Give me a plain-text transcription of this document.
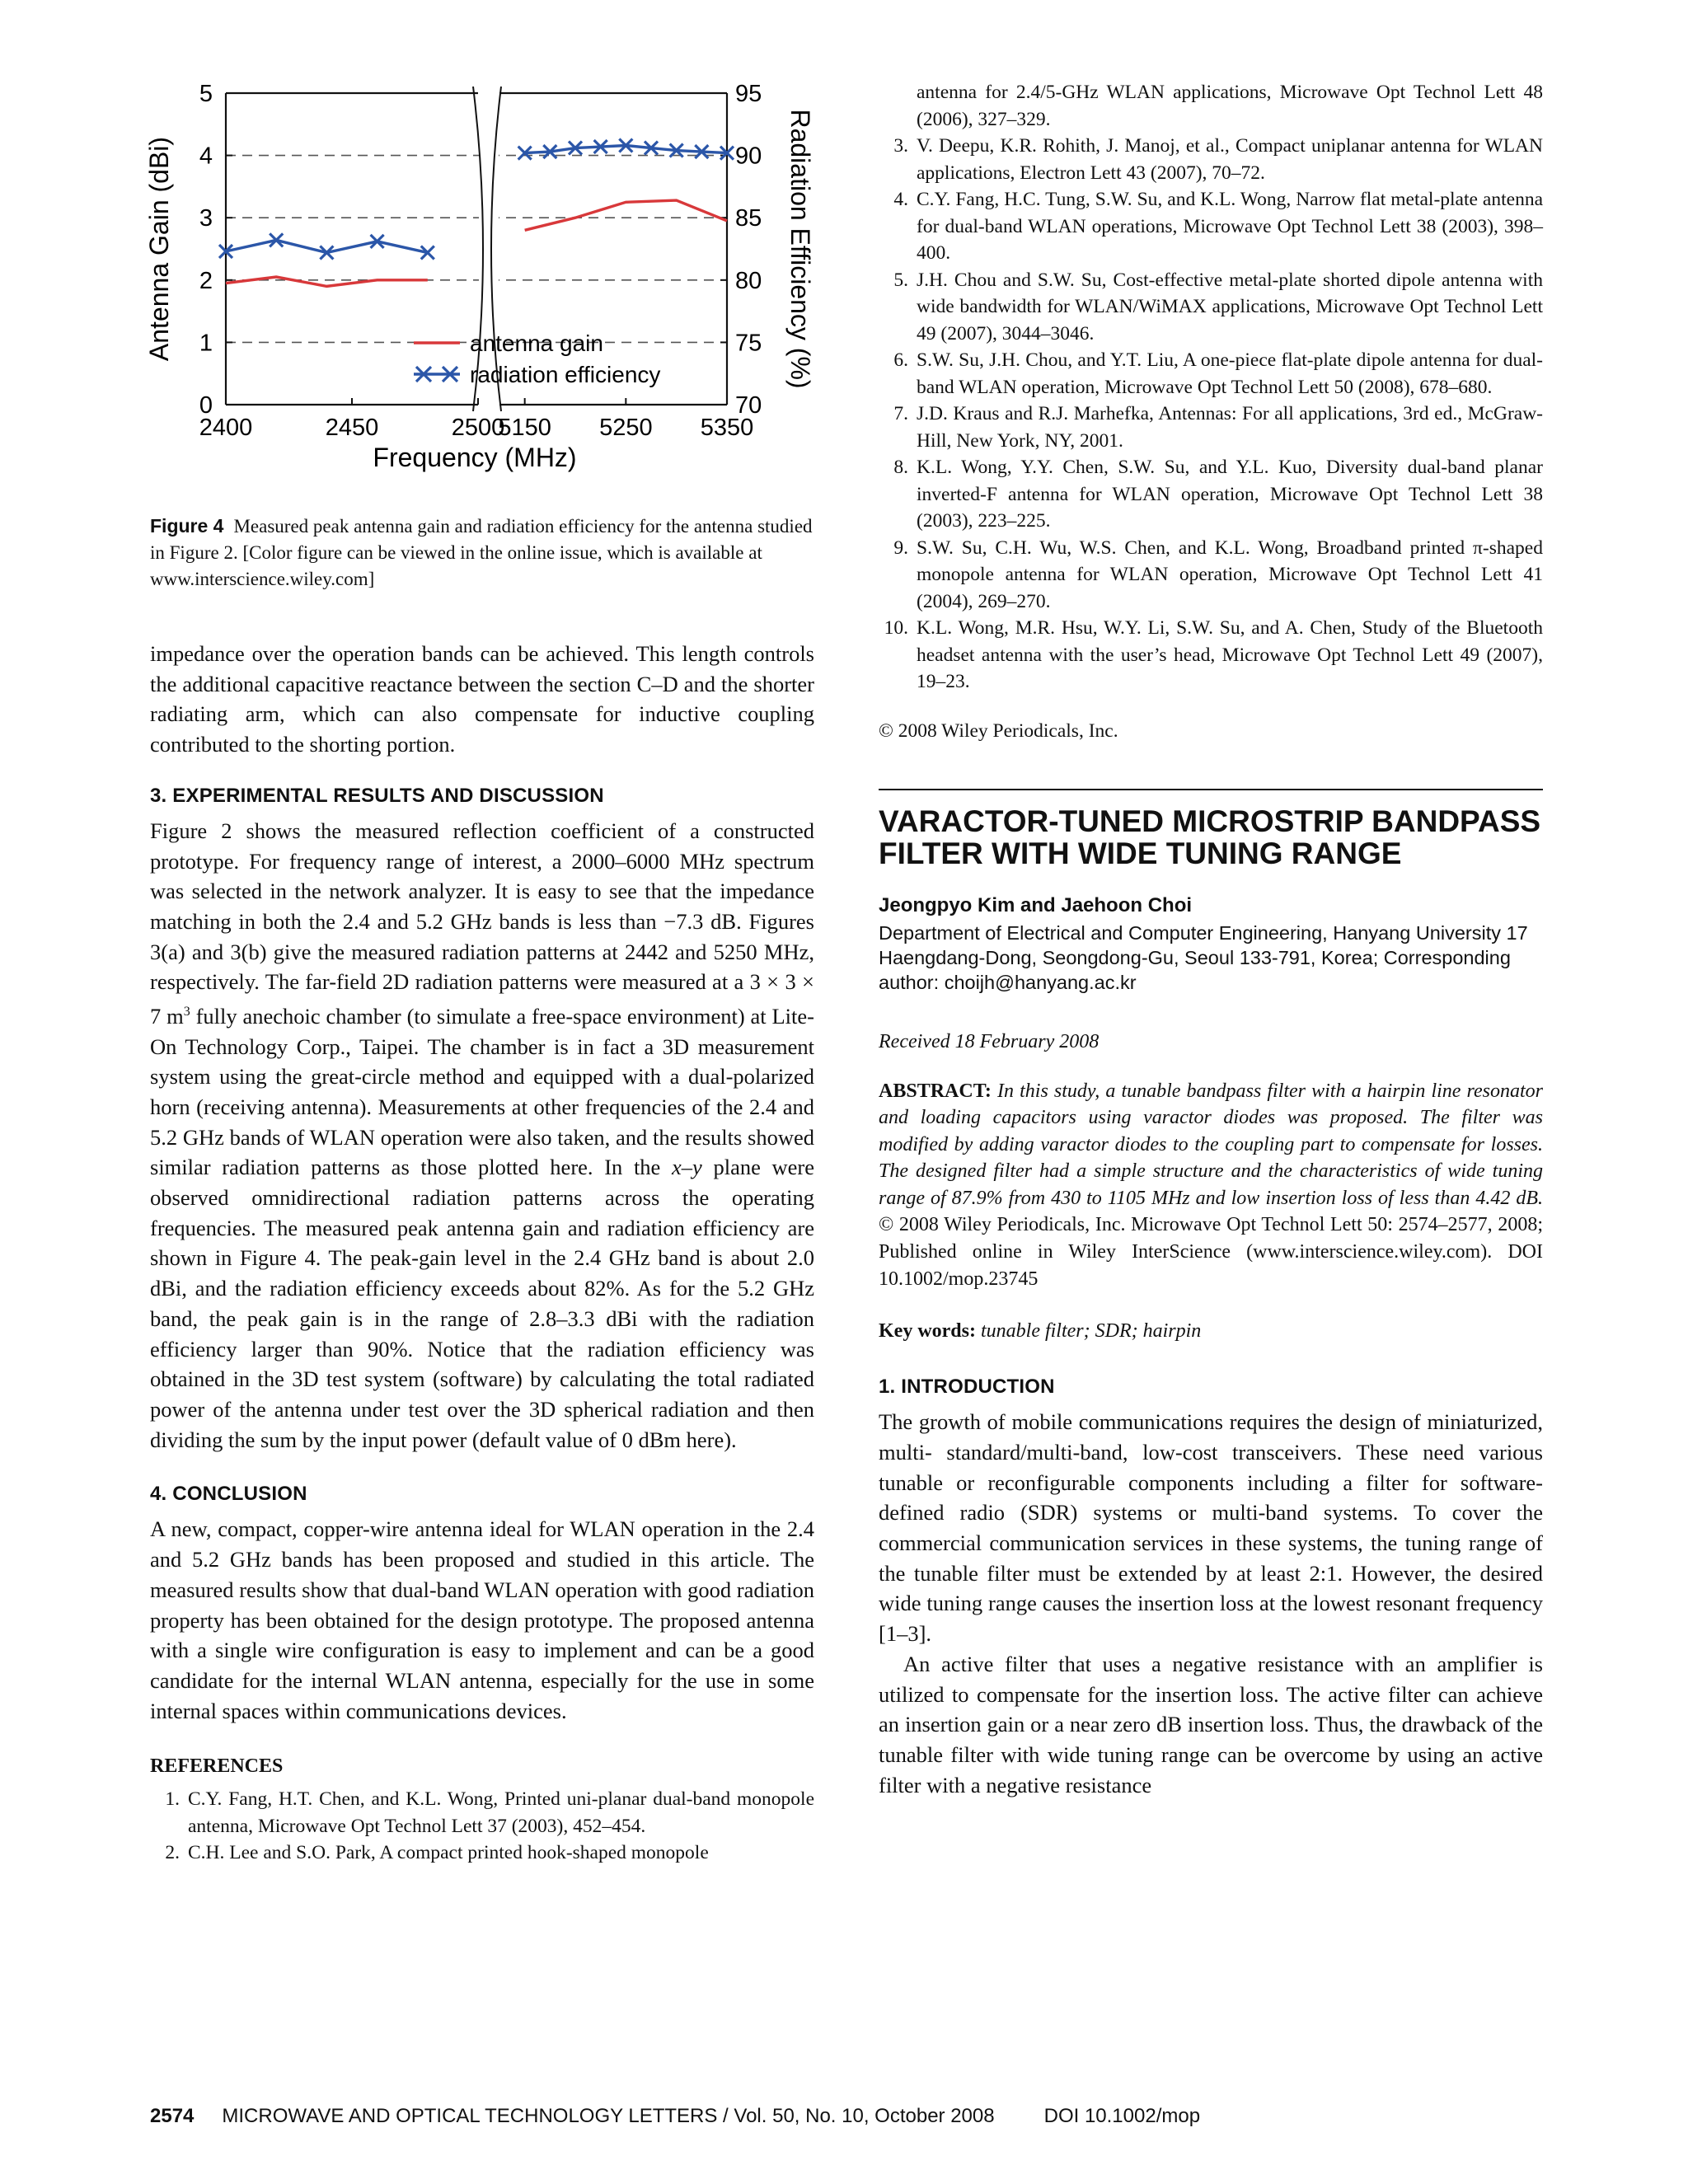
0
1
2
3
4
5
70
75
80
85
90
95
2400	2450	2500
5150 5250 5350
Frequency (MHz)
Antenna Gain (dBi)	Radiation Efficiency (%)
antenna gain
radiation efficiency
Figure 4 Measured peak antenna gain and radiation efficiency for the antenna studied in Figure 2. [Color figure can be viewed in the online issue, which is available at www.interscience.wiley.com]

impedance over the operation bands can be achieved. This length controls the additional capacitive reactance between the section C–D and the shorter radiating arm, which can also compensate for inductive coupling contributed to the shorting portion.

3. EXPERIMENTAL RESULTS AND DISCUSSION

Figure 2 shows the measured reflection coefficient of a constructed prototype. For frequency range of interest, a 2000–6000 MHz spectrum was selected in the network analyzer. It is easy to see that the impedance matching in both the 2.4 and 5.2 GHz bands is less than −7.3 dB. Figures 3(a) and 3(b) give the measured radiation patterns at 2442 and 5250 MHz, respectively. The far-field 2D radiation patterns were measured at a 3 × 3 × 7 $m^3$ fully anechoic chamber (to simulate a free-space environment) at Lite-On Technology Corp., Taipei. The chamber is in fact a 3D measurement system using the great-circle method and equipped with a dual-polarized horn (receiving antenna). Measurements at other frequencies of the 2.4 and 5.2 GHz bands of WLAN operation were also taken, and the results showed similar radiation patterns as those plotted here. In the x–y plane were observed omnidirectional radiation patterns across the operating frequencies. The measured peak antenna gain and radiation efficiency are shown in Figure 4. The peak-gain level in the 2.4 GHz band is about 2.0 dBi, and the radiation efficiency exceeds about 82%. As for the 5.2 GHz band, the peak gain is in the range of 2.8–3.3 dBi with the radiation efficiency larger than 90%. Notice that the radiation efficiency was obtained in the 3D test system (software) by calculating the total radiated power of the antenna under test over the 3D spherical radiation and then dividing the sum by the input power (default value of 0 dBm here).

4. CONCLUSION

A new, compact, copper-wire antenna ideal for WLAN operation in the 2.4 and 5.2 GHz bands has been proposed and studied in this article. The measured results show that dual-band WLAN operation with good radiation property has been obtained for the design prototype. The proposed antenna with a single wire configuration is easy to implement and can be a good candidate for the internal WLAN antenna, especially for the use in some internal spaces within communications devices.

REFERENCES
1. C.Y. Fang, H.T. Chen, and K.L. Wong, Printed uni-planar dual-band monopole antenna, Microwave Opt Technol Lett 37 (2003), 452–454.
2. C.H. Lee and S.O. Park, A compact printed hook-shaped monopole
antenna for 2.4/5-GHz WLAN applications, Microwave Opt Technol Lett 48 (2006), 327–329.
3. V. Deepu, K.R. Rohith, J. Manoj, et al., Compact uniplanar antenna for WLAN applications, Electron Lett 43 (2007), 70–72.
4. C.Y. Fang, H.C. Tung, S.W. Su, and K.L. Wong, Narrow flat metal-plate antenna for dual-band WLAN operations, Microwave Opt Technol Lett 38 (2003), 398–400.
5. J.H. Chou and S.W. Su, Cost-effective metal-plate shorted dipole antenna with wide bandwidth for WLAN/WiMAX applications, Microwave Opt Technol Lett 49 (2007), 3044–3046.
6. S.W. Su, J.H. Chou, and Y.T. Liu, A one-piece flat-plate dipole antenna for dual-band WLAN operation, Microwave Opt Technol Lett 50 (2008), 678–680.
7. J.D. Kraus and R.J. Marhefka, Antennas: For all applications, 3rd ed., McGraw-Hill, New York, NY, 2001.
8. K.L. Wong, Y.Y. Chen, S.W. Su, and Y.L. Kuo, Diversity dual-band planar inverted-F antenna for WLAN operation, Microwave Opt Technol Lett 38 (2003), 223–225.
9. S.W. Su, C.H. Wu, W.S. Chen, and K.L. Wong, Broadband printed π-shaped monopole antenna for WLAN operation, Microwave Opt Technol Lett 41 (2004), 269–270.
10. K.L. Wong, M.R. Hsu, W.Y. Li, S.W. Su, and A. Chen, Study of the Bluetooth headset antenna with the user’s head, Microwave Opt Technol Lett 49 (2007), 19–23.
© 2008 Wiley Periodicals, Inc.
VARACTOR-TUNED MICROSTRIP BANDPASS FILTER WITH WIDE TUNING RANGE
Jeongpyo Kim and Jaehoon Choi

Department of Electrical and Computer Engineering, Hanyang University 17 Haengdang-Dong, Seongdong-Gu, Seoul 133-791, Korea; Corresponding author: choijh@hanyang.ac.kr

Received 18 February 2008

ABSTRACT: In this study, a tunable bandpass filter with a hairpin line resonator and loading capacitors using varactor diodes was proposed. The filter was modified by adding varactor diodes to the coupling part to compensate for losses. The designed filter had a simple structure and the characteristics of wide tuning range of 87.9% from 430 to 1105 MHz and low insertion loss of less than 4.42 dB. © 2008 Wiley Periodicals, Inc. Microwave Opt Technol Lett 50: 2574–2577, 2008; Published online in Wiley InterScience (www.interscience.wiley.com). DOI 10.1002/mop.23745

Key words: tunable filter; SDR; hairpin

1. INTRODUCTION

The growth of mobile communications requires the design of miniaturized, multi- standard/multi-band, low-cost transceivers. These need various tunable or reconfigurable components including a filter for software-defined radio (SDR) systems or multi-band systems. To cover the commercial communication services in these systems, the tuning range of the tunable filter must be extended by at least 2:1. However, the desired wide tuning range causes the insertion loss at the lowest resonant frequency [1–3].

An active filter that uses a negative resistance with an amplifier is utilized to compensate for the insertion loss. The active filter can achieve an insertion gain or a near zero dB insertion loss. Thus, the drawback of the tunable filter with wide tuning range can be overcome by using an active filter with a negative resistance

2574 MICROWAVE AND OPTICAL TECHNOLOGY LETTERS / Vol. 50, No. 10, October 2008	DOI 10.1002/mop
